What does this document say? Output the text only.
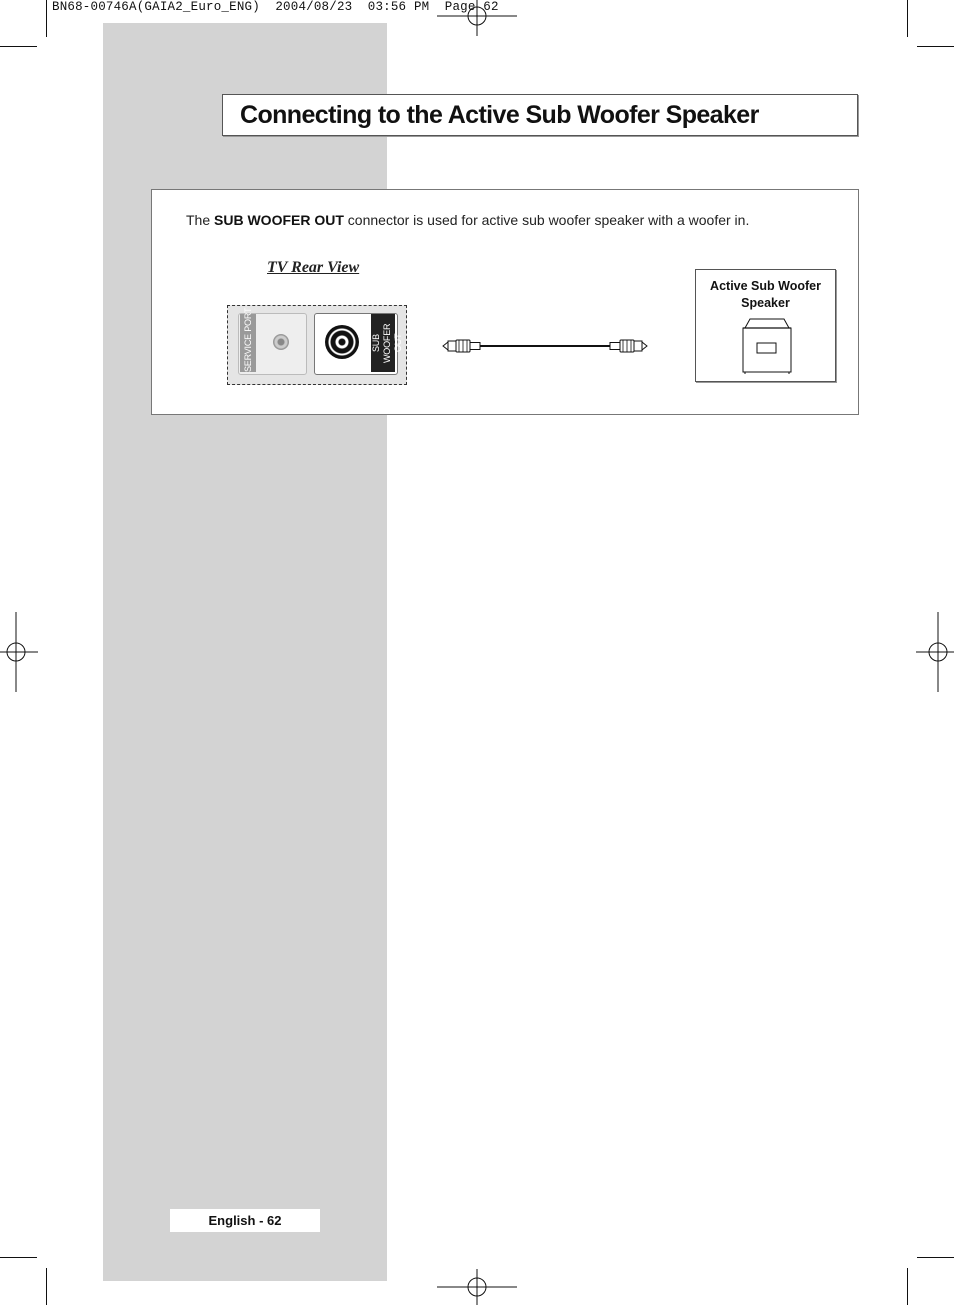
BN68-00746A(GAIA2_Euro_ENG)  2004/08/23  03:56 PM  Page 62
Connecting to the Active Sub Woofer Speaker
The SUB WOOFER OUT connector is used for active sub woofer speaker with a woofer in.
TV Rear View
SERVICE PORT	SUB
WOOFER OUT
Active Sub Woofer Speaker
English - 62
